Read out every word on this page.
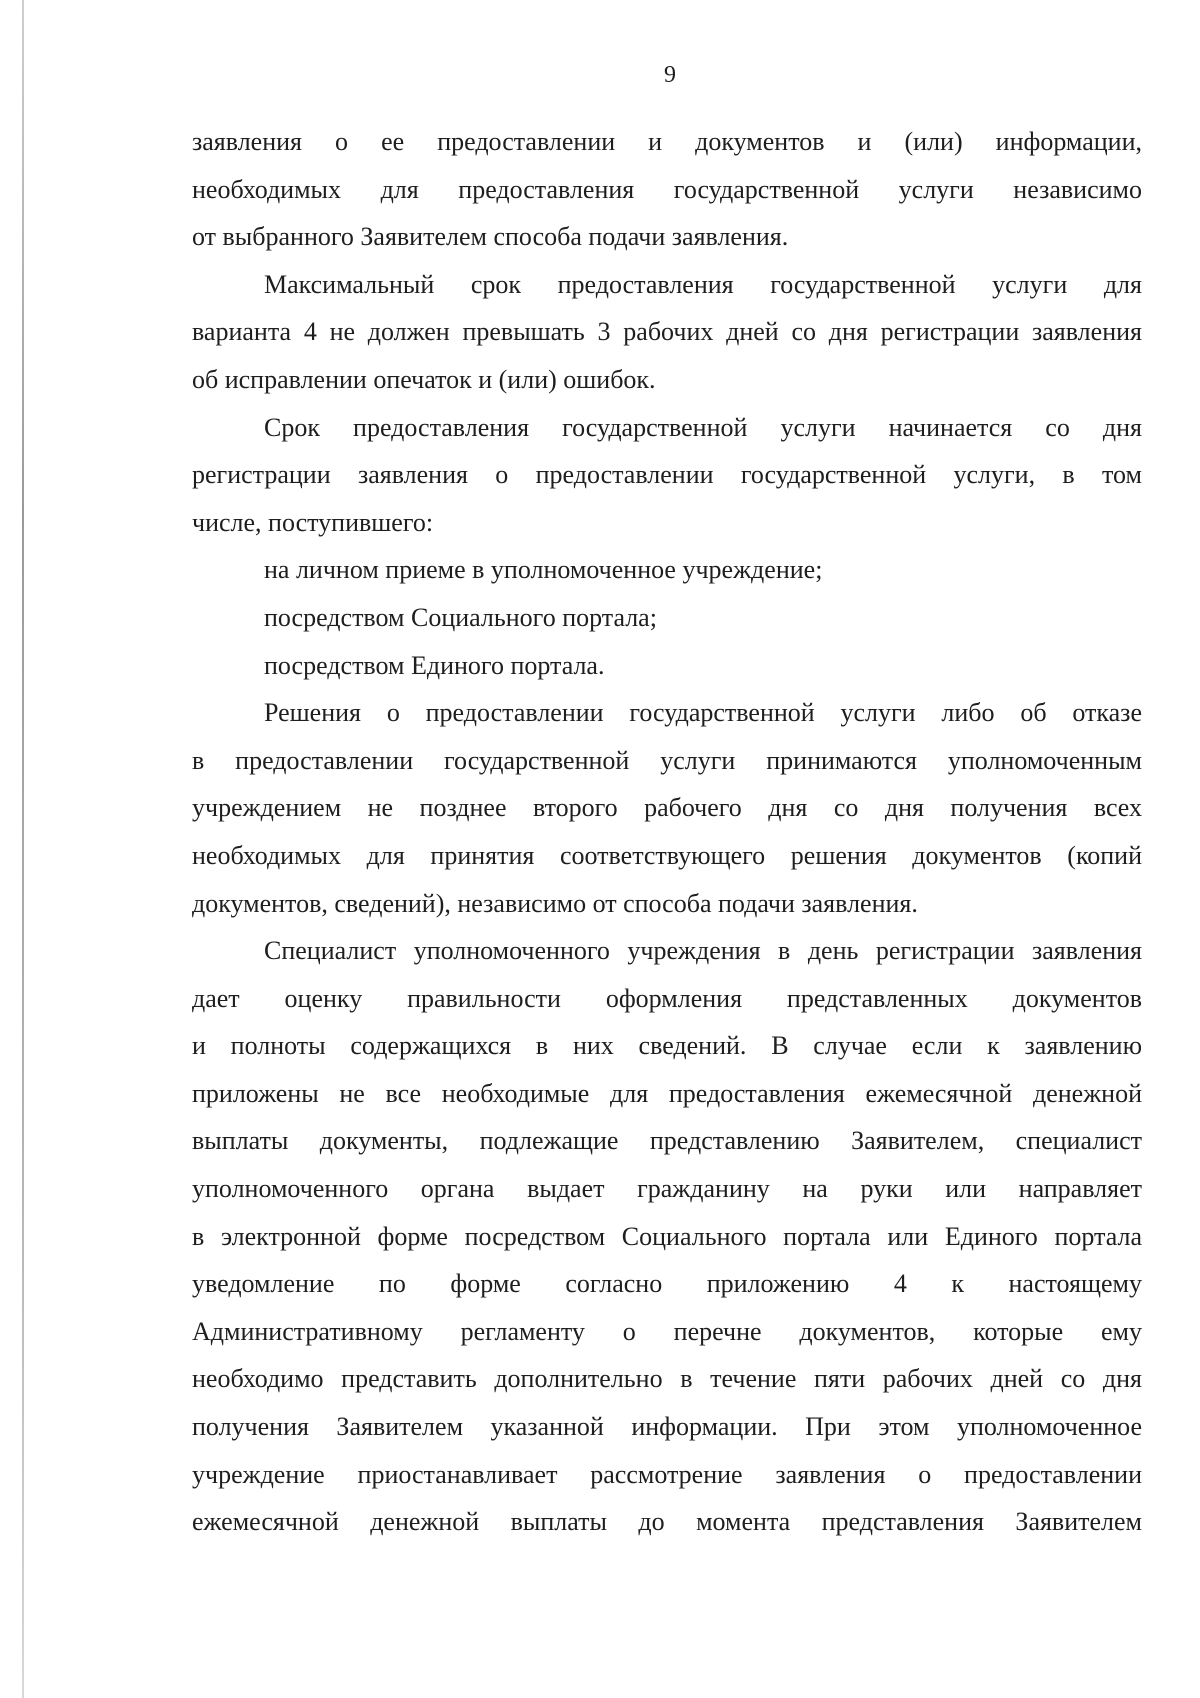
9
заявления о ее предоставлении и документов и (или) информации,
необходимых для предоставления государственной услуги независимо
от выбранного Заявителем способа подачи заявления.
Максимальный срок предоставления государственной услуги для
варианта 4 не должен превышать 3 рабочих дней со дня регистрации заявления
об исправлении опечаток и (или) ошибок.
Срок предоставления государственной услуги начинается со дня
регистрации заявления о предоставлении государственной услуги, в том
числе, поступившего:
на личном приеме в уполномоченное учреждение;
посредством Социального портала;
посредством Единого портала.
Решения о предоставлении государственной услуги либо об отказе
в предоставлении государственной услуги принимаются уполномоченным
учреждением не позднее второго рабочего дня со дня получения всех
необходимых для принятия соответствующего решения документов (копий
документов, сведений), независимо от способа подачи заявления.
Специалист уполномоченного учреждения в день регистрации заявления
дает оценку правильности оформления представленных документов
и полноты содержащихся в них сведений. В случае если к заявлению
приложены не все необходимые для предоставления ежемесячной денежной
выплаты документы, подлежащие представлению Заявителем, специалист
уполномоченного органа выдает гражданину на руки или направляет
в электронной форме посредством Социального портала или Единого портала
уведомление по форме согласно приложению 4 к настоящему
Административному регламенту о перечне документов, которые ему
необходимо представить дополнительно в течение пяти рабочих дней со дня
получения Заявителем указанной информации. При этом уполномоченное
учреждение приостанавливает рассмотрение заявления о предоставлении
ежемесячной денежной выплаты до момента представления Заявителем
